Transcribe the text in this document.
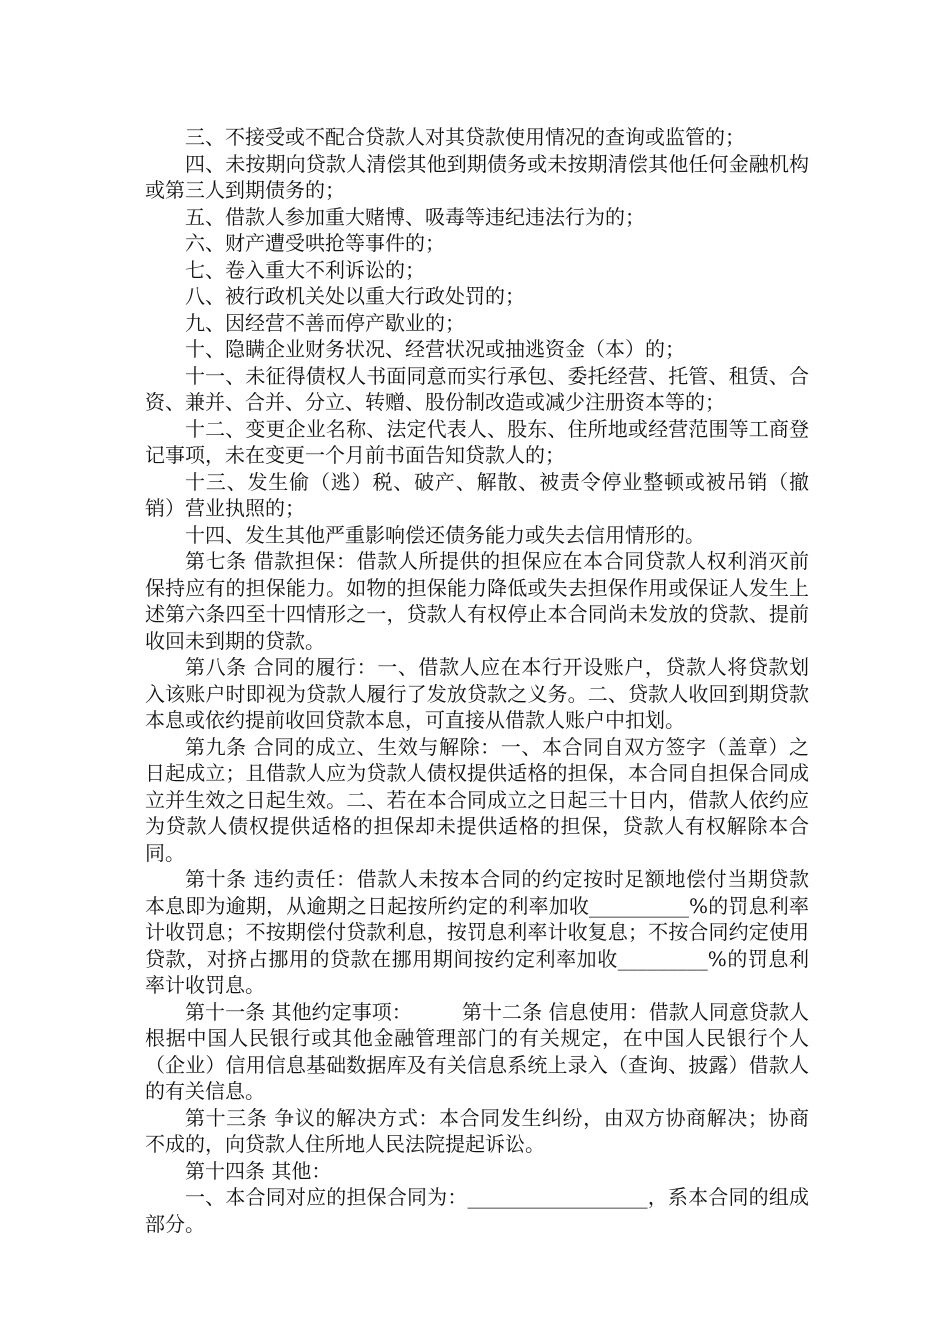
三、不接受或不配合贷款人对其贷款使用情况的查询或监管的；

四、未按期向贷款人清偿其他到期债务或未按期清偿其他任何金融机构或第三人到期债务的；

五、借款人参加重大赌博、吸毒等违纪违法行为的；

六、财产遭受哄抢等事件的；

七、卷入重大不利诉讼的；

八、被行政机关处以重大行政处罚的；

九、因经营不善而停产歇业的；

十、隐瞒企业财务状况、经营状况或抽逃资金（本）的；

十一、未征得债权人书面同意而实行承包、委托经营、托管、租赁、合资、兼并、合并、分立、转赠、股份制改造或减少注册资本等的；

十二、变更企业名称、法定代表人、股东、住所地或经营范围等工商登记事项，未在变更一个月前书面告知贷款人的；

十三、发生偷（逃）税、破产、解散、被责令停业整顿或被吊销（撤销）营业执照的；

十四、发生其他严重影响偿还债务能力或失去信用情形的。

第七条 借款担保：借款人所提供的担保应在本合同贷款人权利消灭前保持应有的担保能力。如物的担保能力降低或失去担保作用或保证人发生上述第六条四至十四情形之一，贷款人有权停止本合同尚未发放的贷款、提前收回未到期的贷款。

第八条 合同的履行：一、借款人应在本行开设账户，贷款人将贷款划入该账户时即视为贷款人履行了发放贷款之义务。二、贷款人收回到期贷款本息或依约提前收回贷款本息，可直接从借款人账户中扣划。

第九条 合同的成立、生效与解除：一、本合同自双方签字（盖章）之日起成立；且借款人应为贷款人债权提供适格的担保，本合同自担保合同成立并生效之日起生效。二、若在本合同成立之日起三十日内，借款人依约应为贷款人债权提供适格的担保却未提供适格的担保，贷款人有权解除本合同。

第十条 违约责任：借款人未按本合同的约定按时足额地偿付当期贷款本息即为逾期，从逾期之日起按所约定的利率加收__________%的罚息利率计收罚息；不按期偿付贷款利息，按罚息利率计收复息；不按合同约定使用贷款，对挤占挪用的贷款在挪用期间按约定利率加收_________%的罚息利率计收罚息。

第十一条 其他约定事项：　　　第十二条 信息使用：借款人同意贷款人根据中国人民银行或其他金融管理部门的有关规定，在中国人民银行个人（企业）信用信息基础数据库及有关信息系统上录入（查询、披露）借款人的有关信息。

第十三条 争议的解决方式：本合同发生纠纷，由双方协商解决；协商不成的，向贷款人住所地人民法院提起诉讼。

第十四条 其他：

一、本合同对应的担保合同为：__________________，系本合同的组成部分。
